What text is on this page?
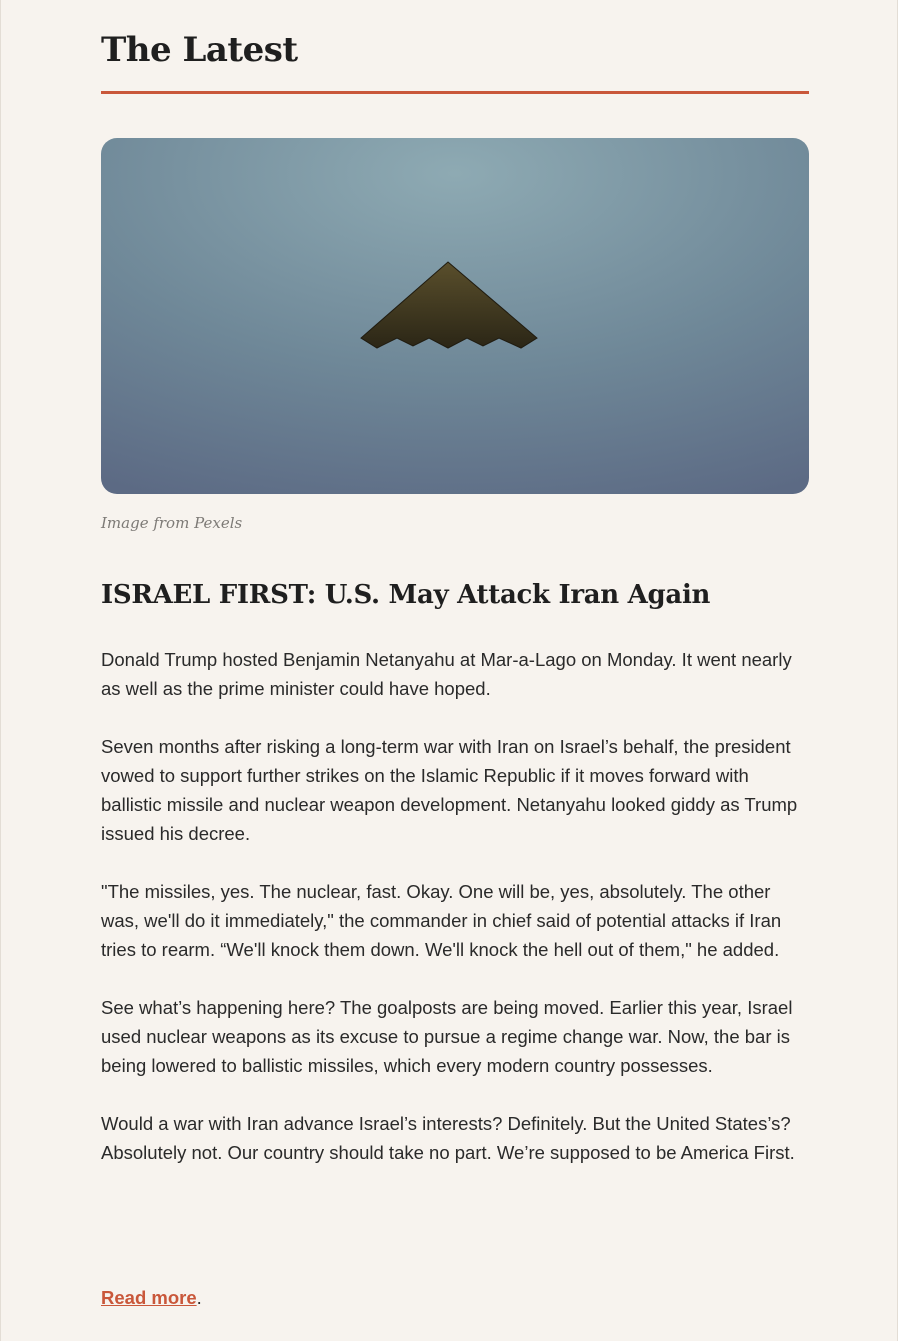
The Latest
Image from Pexels
ISRAEL FIRST: U.S. May Attack Iran Again

Donald Trump hosted Benjamin Netanyahu at Mar-a-Lago on Monday. It went nearly as well as the prime minister could have hoped.

Seven months after risking a long-term war with Iran on Israel’s behalf, the president vowed to support further strikes on the Islamic Republic if it moves forward with ballistic missile and nuclear weapon development. Netanyahu looked giddy as Trump issued his decree.

"The missiles, yes. The nuclear, fast. Okay. One will be, yes, absolutely. The other was, we'll do it immediately," the commander in chief said of potential attacks if Iran tries to rearm. “We'll knock them down. We'll knock the hell out of them," he added.

See what’s happening here? The goalposts are being moved. Earlier this year, Israel used nuclear weapons as its excuse to pursue a regime change war. Now, the bar is being lowered to ballistic missiles, which every modern country possesses.

Would a war with Iran advance Israel’s interests? Definitely. But the United States’s? Absolutely not. Our country should take no part. We’re supposed to be America First.

Read more.
